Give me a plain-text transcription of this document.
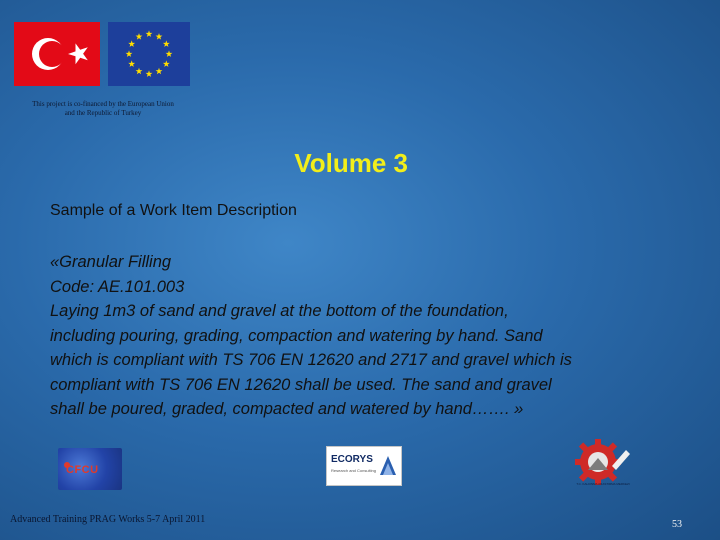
This project is co-financed by the European Union
and the Republic of Turkey
Volume 3
Sample of a Work Item Description
«Granular Filling
Code: AE.101.003
Laying 1m3 of sand and gravel at the bottom of the foundation,
including pouring, grading, compaction and watering by hand. Sand
which is compliant with TS 706 EN 12620 and 2717 and gravel which is
compliant with TS 706 EN 12620 shall be used. The sand and gravel
shall be poured, graded, compacted and watered by hand……. »
CFCU
ECORYS
Research and Consulting
T.C. KALKINMA ARASTIRMA MERKEZI
Advanced Training PRAG Works 5-7 April 2011	53
